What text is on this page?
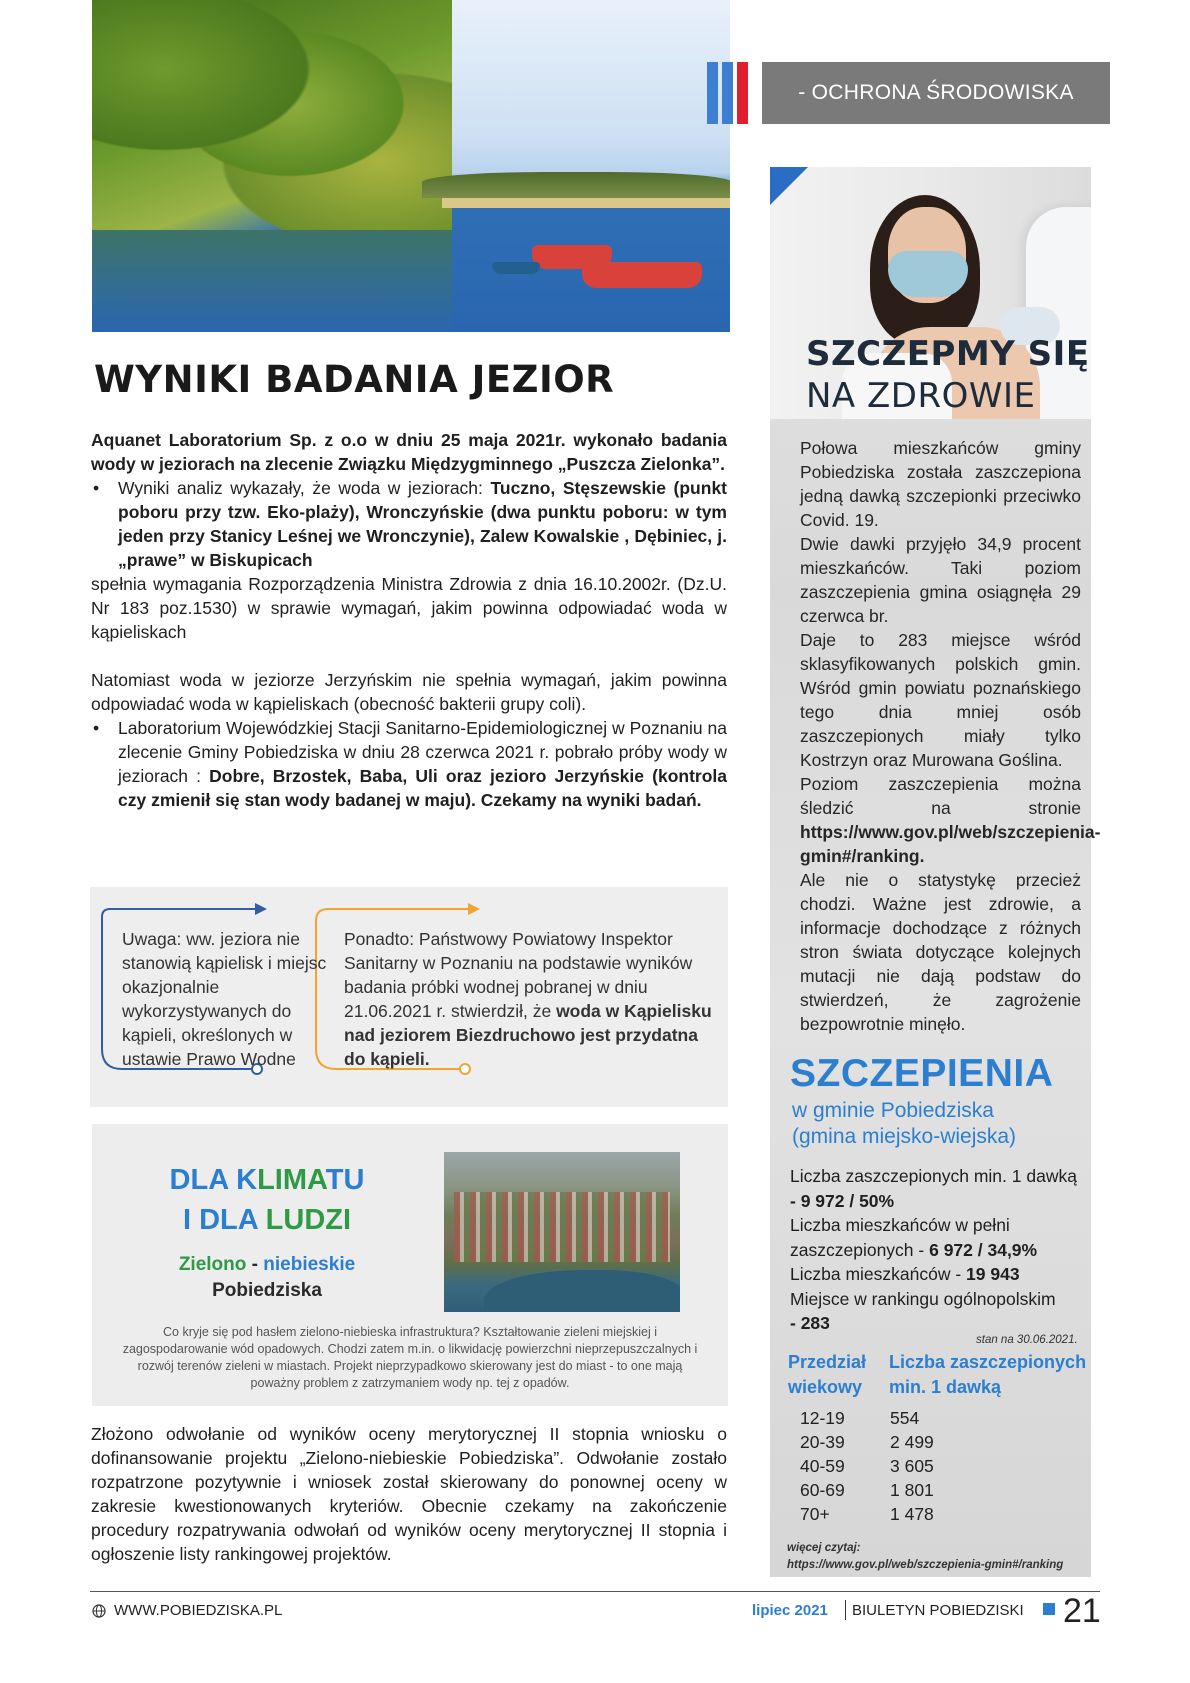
- OCHRONA ŚRODOWISKA
SZCZEPMY SIĘ
NA ZDROWIE

Połowa mieszkańców gminy Pobiedziska została zaszczepiona jedną dawką szczepionki przeciwko Covid. 19.

Dwie dawki przyjęło 34,9 procent mieszkańców. Taki poziom zaszczepienia gmina osiągnęła 29 czerwca br.

Daje to 283 miejsce wśród sklasyfikowanych polskich gmin. Wśród gmin powiatu poznańskiego tego dnia mniej osób zaszczepionych miały tylko Kostrzyn oraz Murowana Goślina.

Poziom zaszczepienia można śledzić na stronie https://www.gov.pl/web/szczepienia-gmin#/ranking.

Ale nie o statystykę przecież chodzi. Ważne jest zdrowie, a informacje dochodzące z różnych stron świata dotyczące kolejnych mutacji nie dają podstaw do stwierdzeń, że zagrożenie bezpowrotnie minęło.

SZCZEPIENIA
w gminie Pobiedziska
(gmina miejsko-wiejska)
Liczba zaszczepionych min. 1 dawką
- 9 972 / 50%
Liczba mieszkańców w pełni zaszczepionych - 6 972 / 34,9%
Liczba mieszkańców - 19 943
Miejsce w rankingu ogólnopolskim
- 283
stan na 30.06.2021.
Przedział
wiekowy
Liczba zaszczepionych
min. 1 dawką
12-19	554
20-39	2 499
40-59	3 605
60-69	1 801
70+	1 478
więcej czytaj:
https://www.gov.pl/web/szczepienia-gmin#/ranking
WYNIKI BADANIA JEZIOR

Aquanet Laboratorium Sp. z o.o w dniu 25 maja 2021r. wykonało badania wody w jeziorach na zlecenie Związku Międzygminnego „Puszcza Zielonka”.

• Wyniki analiz wykazały, że woda w jeziorach: Tuczno, Stęszewskie (punkt poboru przy tzw. Eko-plaży), Wronczyńskie (dwa punktu poboru: w tym jeden przy Stanicy Leśnej we Wronczynie), Zalew Kowalskie , Dębiniec, j.„prawe” w Biskupicach

spełnia wymagania Rozporządzenia Ministra Zdrowia z dnia 16.10.2002r. (Dz.U. Nr 183 poz.1530) w sprawie wymagań, jakim powinna odpowiadać woda w kąpieliskach

Natomiast woda w jeziorze Jerzyńskim nie spełnia wymagań, jakim powinna odpowiadać woda w kąpieliskach (obecność bakterii grupy coli).

• Laboratorium Wojewódzkiej Stacji Sanitarno-Epidemiologicznej w Poznaniu na zlecenie Gminy Pobiedziska w dniu 28 czerwca 2021 r. pobrało próby wody w jeziorach : Dobre, Brzostek, Baba, Uli oraz jezioro Jerzyńskie (kontrola czy zmienił się stan wody badanej w maju). Czekamy na wyniki badań.

Uwaga: ww. jeziora nie stanowią kąpielisk i miejsc okazjonalnie wykorzystywanych do kąpieli, określonych w ustawie Prawo Wodne
Ponadto: Państwowy Powiatowy Inspektor Sanitarny w Poznaniu na podstawie wyników badania próbki wodnej pobranej w dniu 21.06.2021 r. stwierdził, że woda w Kąpielisku nad jeziorem Biezdruchowo jest przydatna do kąpieli.
DLA KLIMATU
I DLA LUDZI
Zielono - niebieskie
Pobiedziska
Co kryje się pod hasłem zielono-niebieska infrastruktura? Kształtowanie zieleni miejskiej i zagospodarowanie wód opadowych. Chodzi zatem m.in. o likwidację powierzchni nieprzepuszczalnych i rozwój terenów zieleni w miastach. Projekt nieprzypadkowo skierowany jest do miast - to one mają poważny problem z zatrzymaniem wody np. tej z opadów.
Złożono odwołanie od wyników oceny merytorycznej II stopnia wniosku o dofinansowanie projektu „Zielono-niebieskie Pobiedziska”. Odwołanie zostało rozpatrzone pozytywnie i wniosek został skierowany do ponownej oceny w zakresie kwestionowanych kryteriów. Obecnie czekamy na zakończenie procedury rozpatrywania odwołań od wyników oceny merytorycznej II stopnia i ogłoszenie listy rankingowej projektów.
WWW.POBIEDZISKA.PL	lipiec 2021 BIULETYN POBIEDZISKI 21
